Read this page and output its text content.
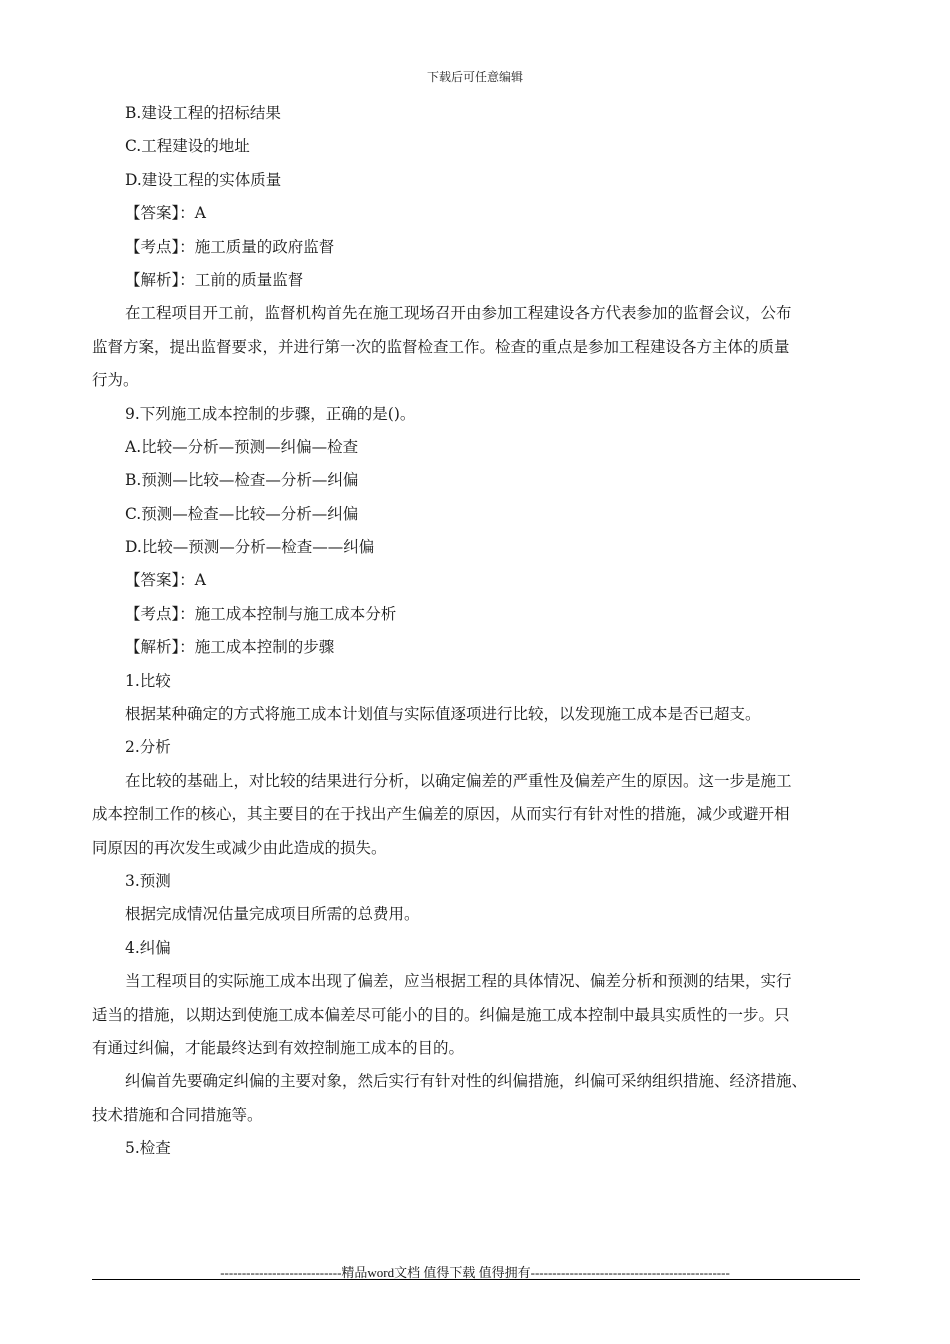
下载后可任意编辑
B.建设工程的招标结果
C.工程建设的地址
D.建设工程的实体质量
【答案】：A
【考点】：施工质量的政府监督
【解析】：工前的质量监督
在工程项目开工前，监督机构首先在施工现场召开由参加工程建设各方代表参加的监督会议，公布
监督方案，提出监督要求，并进行第一次的监督检查工作。检查的重点是参加工程建设各方主体的质量
行为。
9.下列施工成本控制的步骤，正确的是()。
A.比较—分析—预测—纠偏—检查
B.预测—比较—检查—分析—纠偏
C.预测—检查—比较—分析—纠偏
D.比较—预测—分析—检查——纠偏
【答案】：A
【考点】：施工成本控制与施工成本分析
【解析】：施工成本控制的步骤
1.比较
根据某种确定的方式将施工成本计划值与实际值逐项进行比较，以发现施工成本是否已超支。
2.分析
在比较的基础上，对比较的结果进行分析，以确定偏差的严重性及偏差产生的原因。这一步是施工
成本控制工作的核心，其主要目的在于找出产生偏差的原因，从而实行有针对性的措施，减少或避开相
同原因的再次发生或减少由此造成的损失。
3.预测
根据完成情况估量完成项目所需的总费用。
4.纠偏
当工程项目的实际施工成本出现了偏差，应当根据工程的具体情况、偏差分析和预测的结果，实行
适当的措施，以期达到使施工成本偏差尽可能小的目的。纠偏是施工成本控制中最具实质性的一步。只
有通过纠偏，才能最终达到有效控制施工成本的目的。
纠偏首先要确定纠偏的主要对象，然后实行有针对性的纠偏措施，纠偏可采纳组织措施、经济措施、
技术措施和合同措施等。
5.检查
----------------------------精品word文档 值得下载 值得拥有----------------------------------------------
